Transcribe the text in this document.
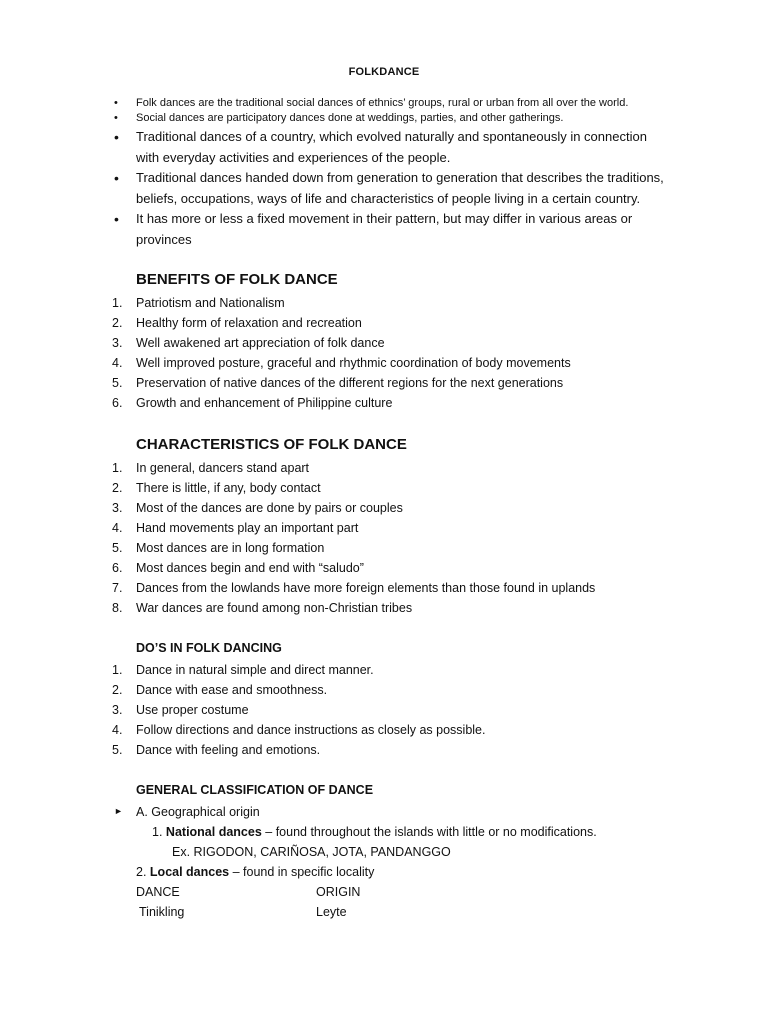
FOLKDANCE
• Folk dances are the traditional social dances of ethnics’ groups, rural or urban from all over the world.
• Social dances are participatory dances done at weddings, parties, and other gatherings.
• Traditional dances of a country, which evolved naturally and spontaneously in connection with everyday activities and experiences of the people.
• Traditional dances handed down from generation to generation that describes the traditions, beliefs, occupations, ways of life and characteristics of people living in a certain country.
• It has more or less a fixed movement in their pattern, but may differ in various areas or provinces
BENEFITS OF FOLK DANCE
1. Patriotism and Nationalism
2. Healthy form of relaxation and recreation
3. Well awakened art appreciation of folk dance
4. Well improved posture, graceful and rhythmic coordination of body movements
5. Preservation of native dances of the different regions for the next generations
6. Growth and enhancement of Philippine culture
CHARACTERISTICS OF FOLK DANCE
1. In general, dancers stand apart
2. There is little, if any, body contact
3. Most of the dances are done by pairs or couples
4. Hand movements play an important part
5. Most dances are in long formation
6. Most dances begin and end with “saludo”
7. Dances from the lowlands have more foreign elements than those found in uplands
8. War dances are found among non-Christian tribes
DO’S IN FOLK DANCING
1. Dance in natural simple and direct manner.
2. Dance with ease and smoothness.
3. Use proper costume
4. Follow directions and dance instructions as closely as possible.
5. Dance with feeling and emotions.
GENERAL CLASSIFICATION OF DANCE
► A. Geographical origin
1. National dances – found throughout the islands with little or no modifications.
Ex. RIGODON, CARIÑOSA, JOTA, PANDANGGO
2. Local dances – found in specific locality
DANCE	ORIGIN
Tinikling	Leyte
